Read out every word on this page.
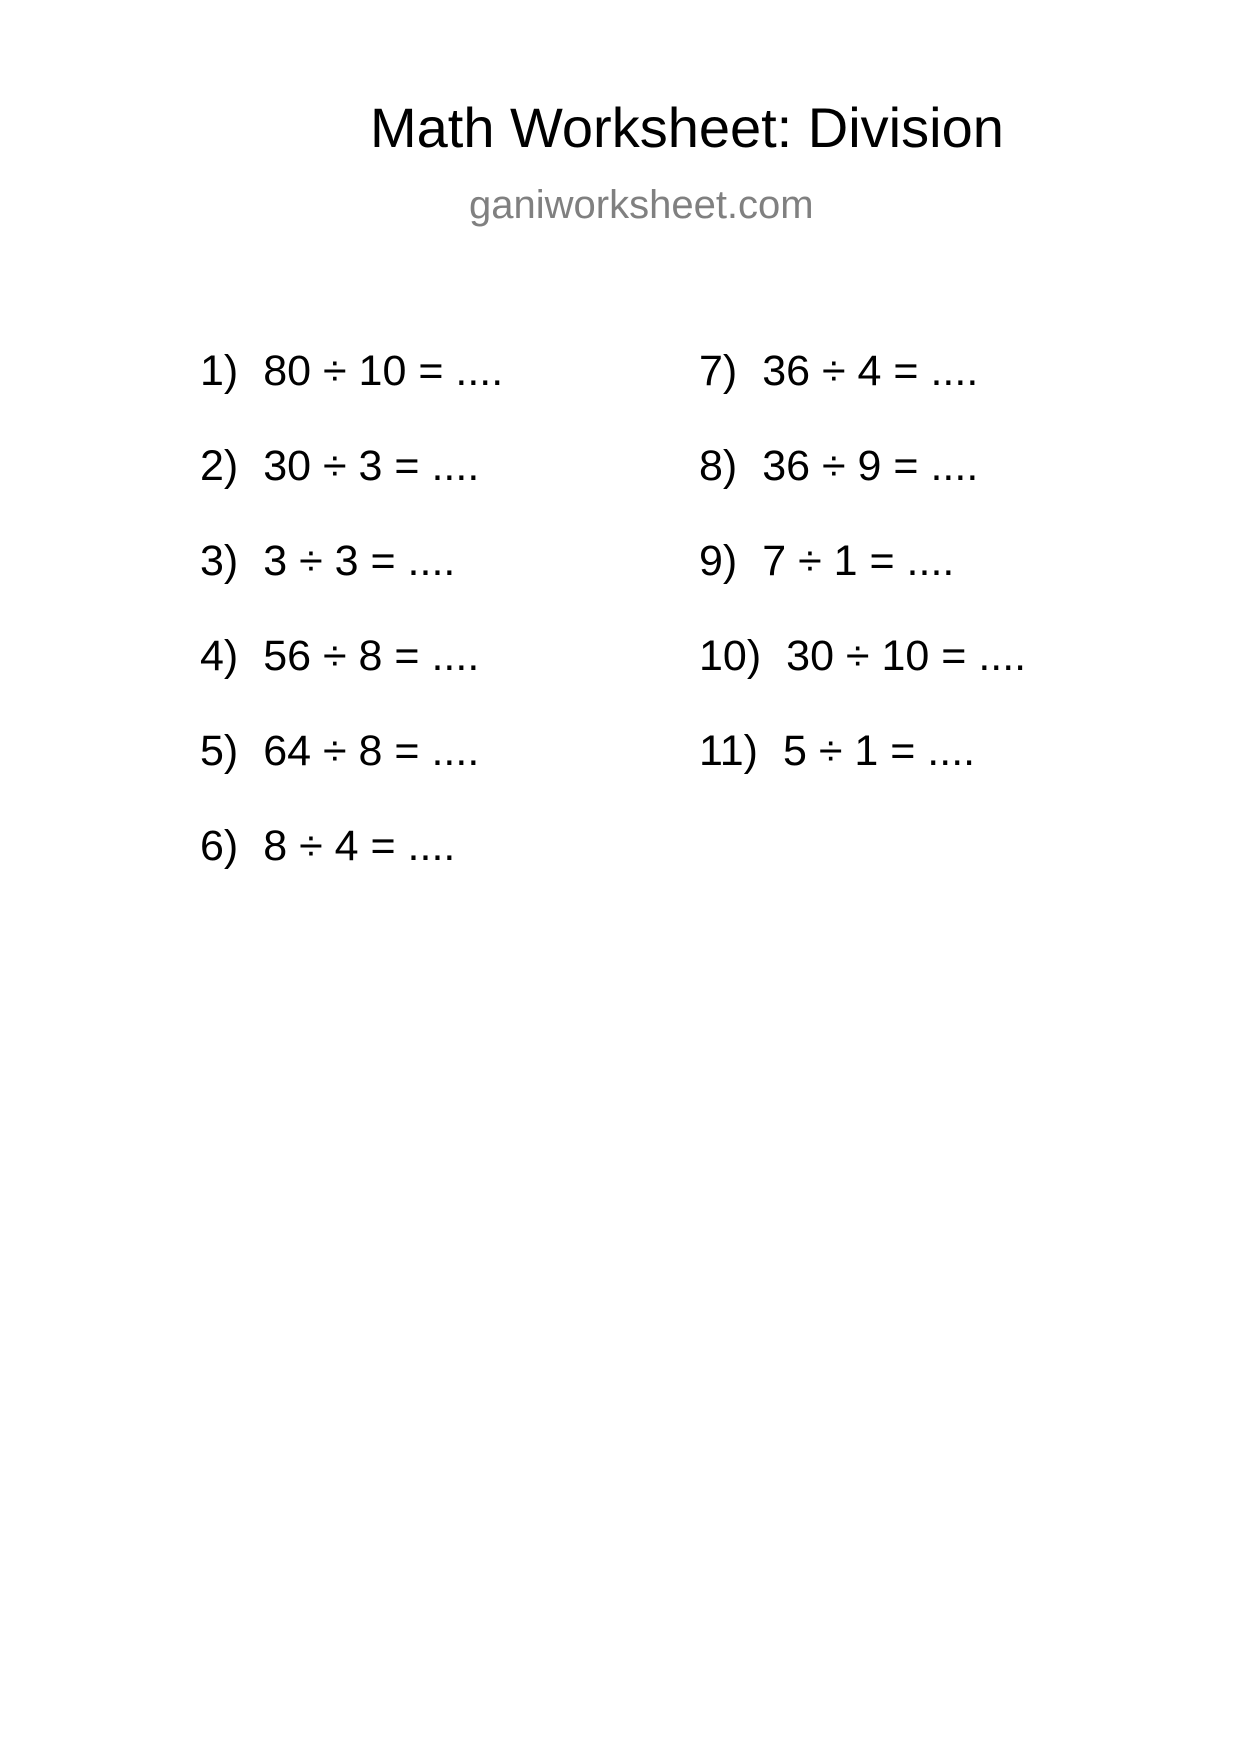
Math Worksheet: Division

ganiworksheet.com

1) 80 ÷ 10 = ....
2) 30 ÷ 3 = ....
3) 3 ÷ 3 = ....
4) 56 ÷ 8 = ....
5) 64 ÷ 8 = ....
6) 8 ÷ 4 = ....
7) 36 ÷ 4 = ....
8) 36 ÷ 9 = ....
9) 7 ÷ 1 = ....
10) 30 ÷ 10 = ....
11) 5 ÷ 1 = ....
